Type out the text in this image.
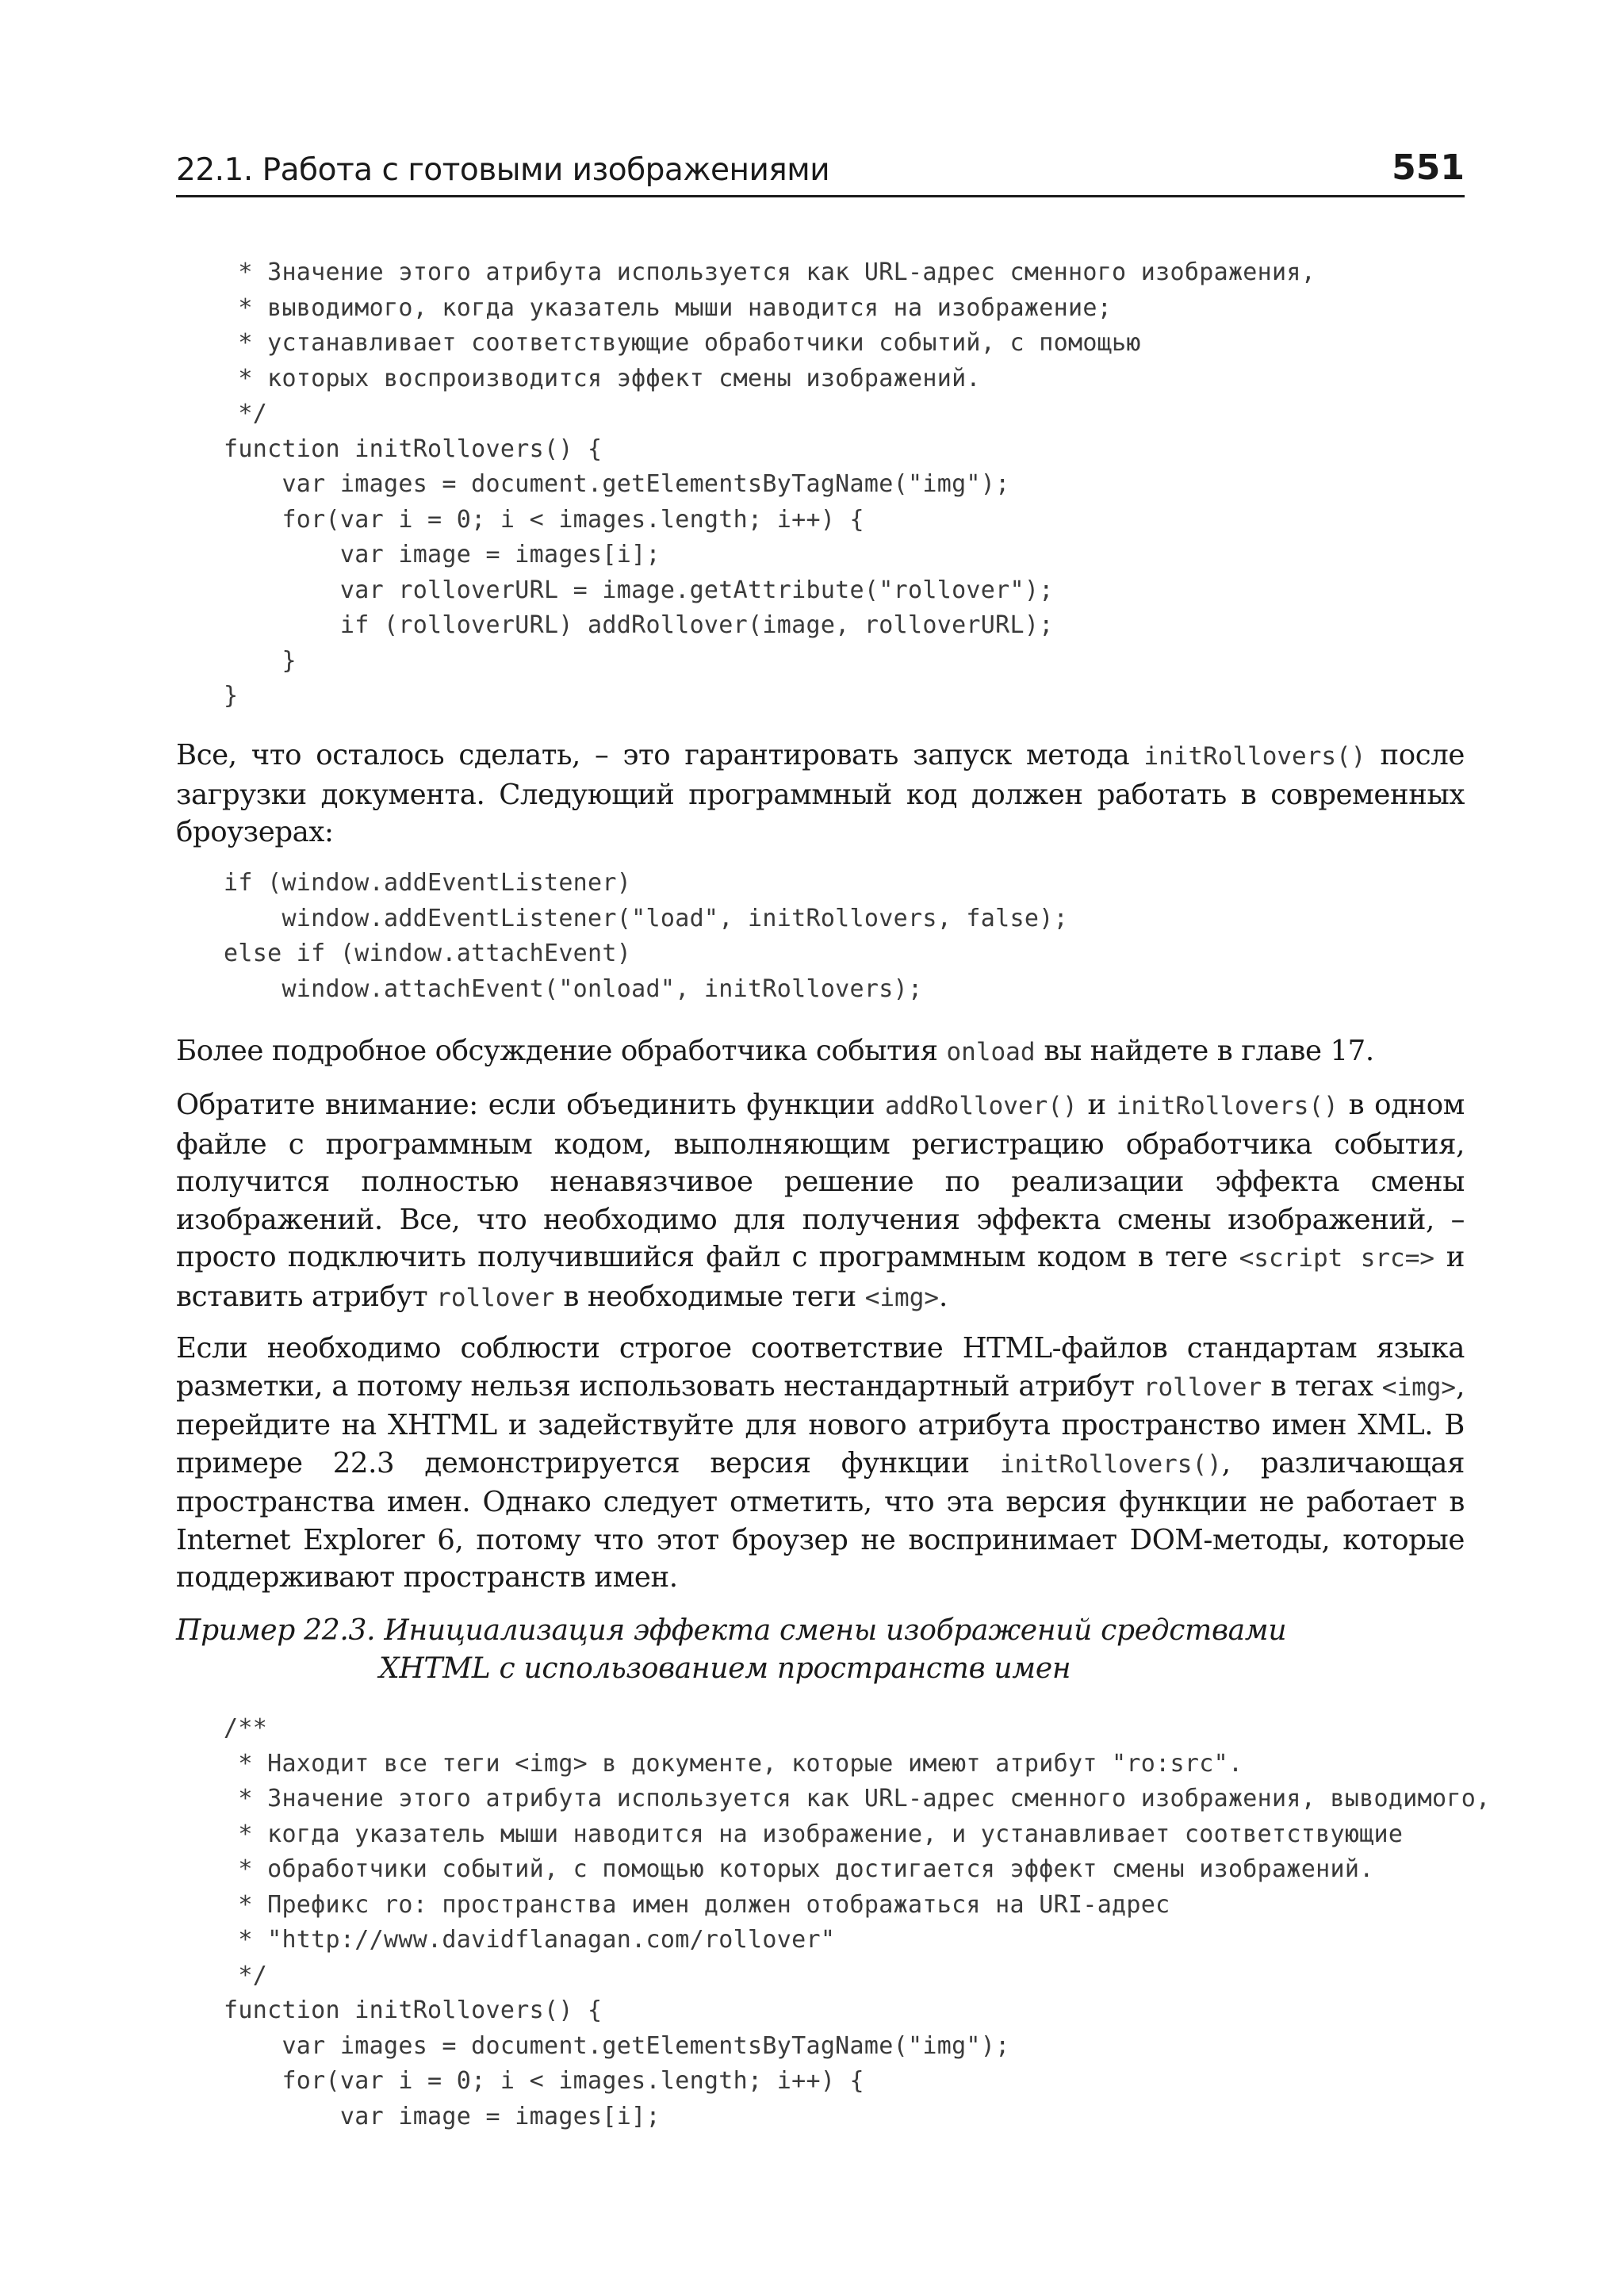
22.1. Работа с готовыми изображениями	551
* Значение этого атрибута используется как URL-адрес сменного изображения,
* выводимого, когда указатель мыши наводится на изображение;
* устанавливает соответствующие обработчики событий, с помощью
* которых воспроизводится эффект смены изображений.
*/
function initRollovers() {
var images = document.getElementsByTagName("img");
for(var i = 0; i < images.length; i++) {
var image = images[i];
var rolloverURL = image.getAttribute("rollover");
if (rolloverURL) addRollover(image, rolloverURL);
}
}

Все, что осталось сделать, – это гарантировать запуск метода initRollovers() после загрузки документа. Следующий программный код должен работать в современных броузерах:

if (window.addEventListener)
window.addEventListener("load", initRollovers, false);
else if (window.attachEvent)
window.attachEvent("onload", initRollovers);

Более подробное обсуждение обработчика события onload вы найдете в главе 17.

Обратите внимание: если объединить функции addRollover() и initRollovers() в одном файле с программным кодом, выполняющим регистрацию обработчика события, получится полностью ненавязчивое решение по реализации эффекта смены изображений. Все, что необходимо для получения эффекта смены изображений, –просто подключить получившийся файл с программным кодом в теге <script src=> и вставить атрибут rollover в необходимые теги <img>.

Если необходимо соблюсти строгое соответствие HTML-файлов стандартам языка разметки, а потому нельзя использовать нестандартный атрибут rollover в тегах <img>, перейдите на XHTML и задействуйте для нового атрибута пространство имен XML. В примере 22.3 демонстрируется версия функции initRollovers(), различающая пространства имен. Однако следует отметить, что эта версия функции не работает в Internet Explorer 6, потому что этот броузер не воспринимает DOM-методы, которые поддерживают пространств имен.

Пример 22.3. Инициализация эффекта смены изображений средствами
XHTML с использованием пространств имен

/**
* Находит все теги <img> в документе, которые имеют атрибут "ro:src".
* Значение этого атрибута используется как URL-адрес сменного изображения, выводимого,
* когда указатель мыши наводится на изображение, и устанавливает соответствующие
* обработчики событий, с помощью которых достигается эффект смены изображений.
* Префикс ro: пространства имен должен отображаться на URI-адрес
* "http://www.davidflanagan.com/rollover"
*/
function initRollovers() {
var images = document.getElementsByTagName("img");
for(var i = 0; i < images.length; i++) {
var image = images[i];
